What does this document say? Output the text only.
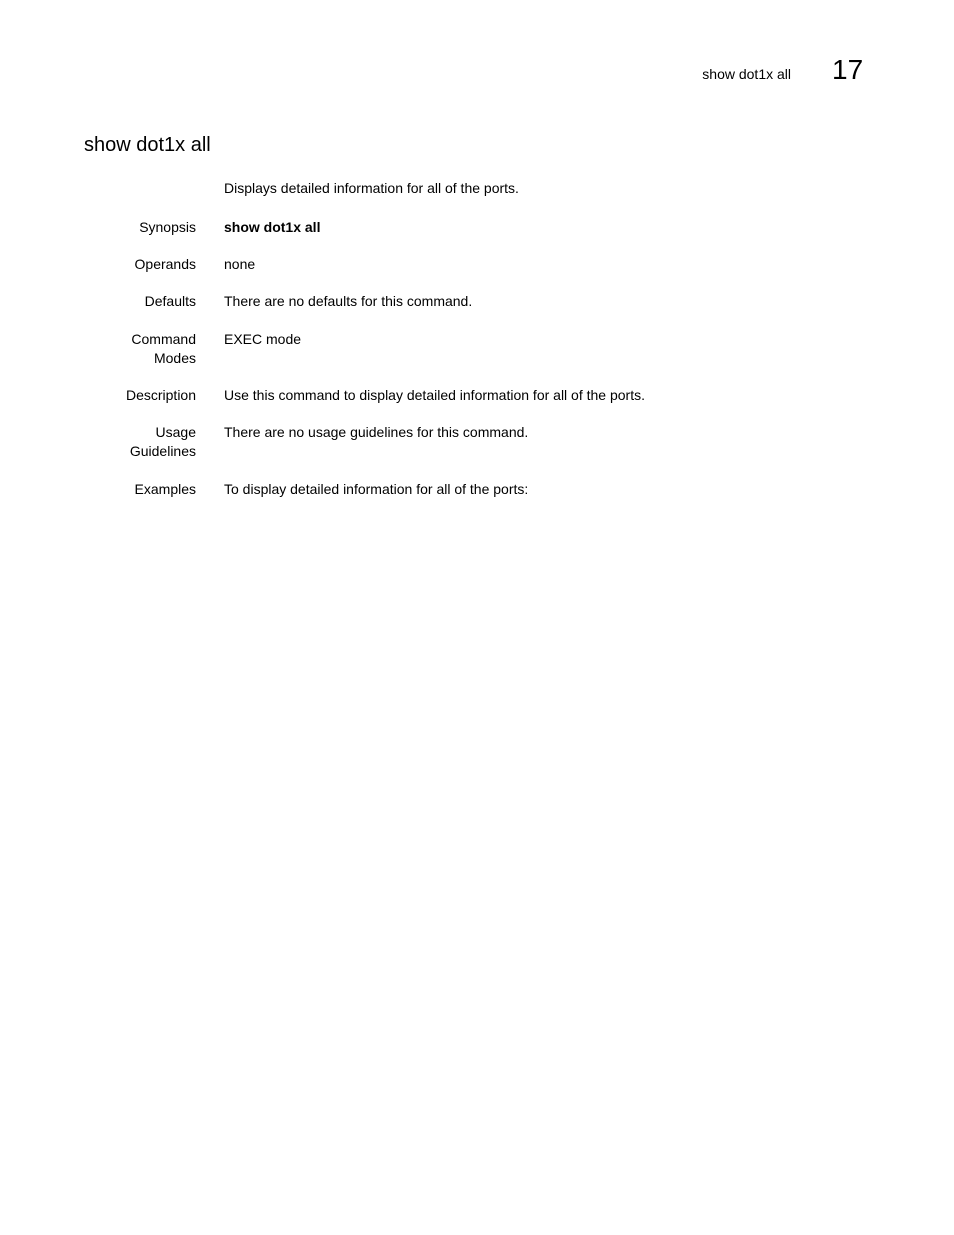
show dot1x all 17
show dot1x all
Displays detailed information for all of the ports.
Synopsis show dot1x all
Operands none
Defaults There are no defaults for this command.
Command
Modes
EXEC mode
Description Use this command to display detailed information for all of the ports.
Usage
Guidelines
There are no usage guidelines for this command.
Examples To display detailed information for all of the ports:
